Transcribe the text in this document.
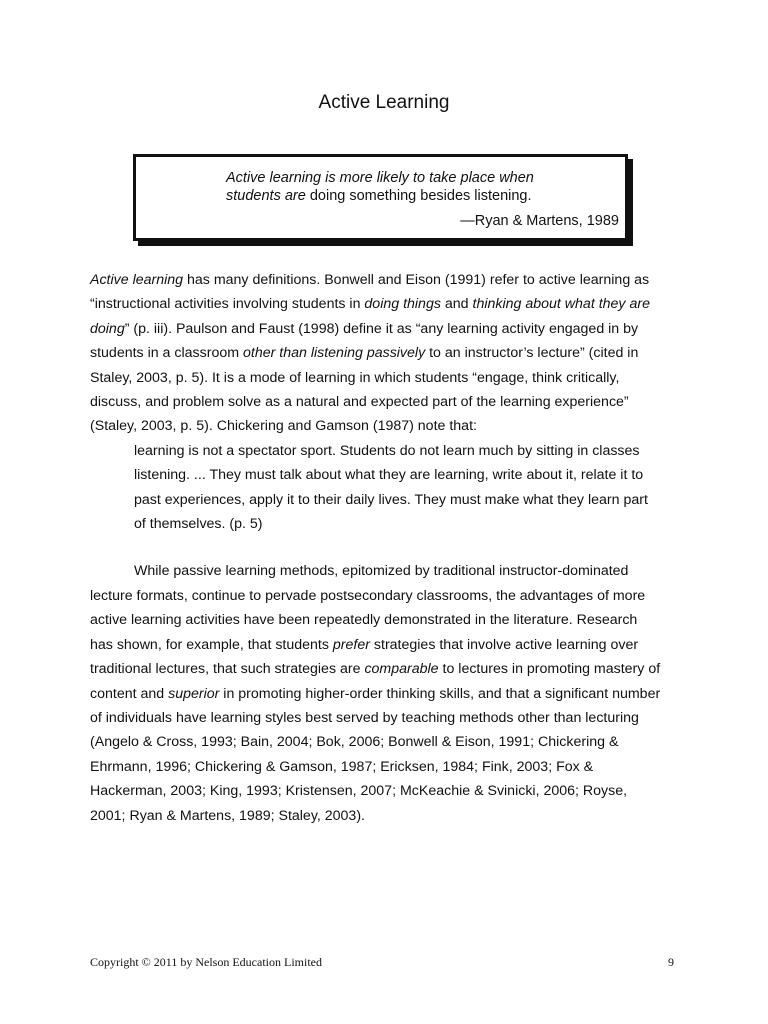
Active Learning
Active learning is more likely to take place when
students are doing something besides listening.
—Ryan & Martens, 1989

Active learning has many definitions. Bonwell and Eison (1991) refer to active learning as “instructional activities involving students in doing things and thinking about what they are doing” (p. iii). Paulson and Faust (1998) define it as “any learning activity engaged in by students in a classroom other than listening passively to an instructor’s lecture” (cited in Staley, 2003, p. 5). It is a mode of learning in which students “engage, think critically, discuss, and problem solve as a natural and expected part of the learning experience” (Staley, 2003, p. 5). Chickering and Gamson (1987) note that:

learning is not a spectator sport. Students do not learn much by sitting in classes listening. ... They must talk about what they are learning, write about it, relate it to past experiences, apply it to their daily lives. They must make what they learn part of themselves. (p. 5)

While passive learning methods, epitomized by traditional instructor-dominated lecture formats, continue to pervade postsecondary classrooms, the advantages of more active learning activities have been repeatedly demonstrated in the literature. Research has shown, for example, that students prefer strategies that involve active learning over traditional lectures, that such strategies are comparable to lectures in promoting mastery of content and superior in promoting higher-order thinking skills, and that a significant number of individuals have learning styles best served by teaching methods other than lecturing (Angelo & Cross, 1993; Bain, 2004; Bok, 2006; Bonwell & Eison, 1991; Chickering & Ehrmann, 1996; Chickering & Gamson, 1987; Ericksen, 1984; Fink, 2003; Fox & Hackerman, 2003; King, 1993; Kristensen, 2007; McKeachie & Svinicki, 2006; Royse, 2001; Ryan & Martens, 1989; Staley, 2003).

Copyright © 2011 by Nelson Education Limited	9
